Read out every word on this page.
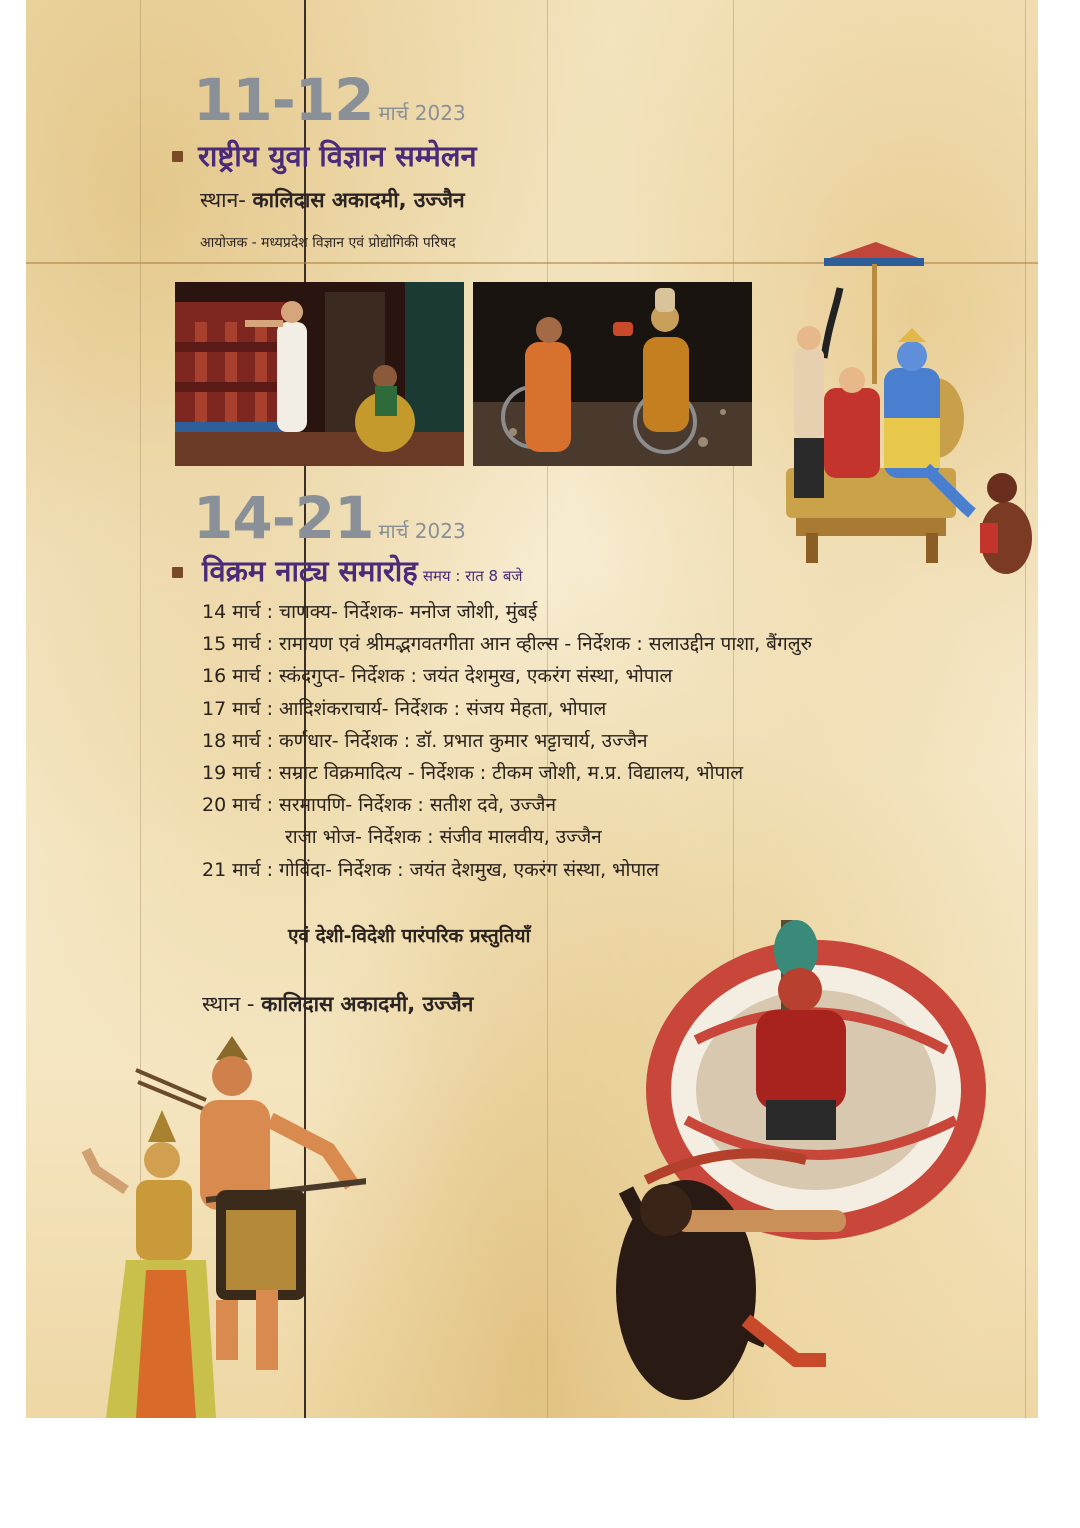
11-12 मार्च 2023
राष्ट्रीय युवा विज्ञान सम्मेलन
स्थान- कालिदास अकादमी, उज्जैन
आयोजक - मध्यप्रदेश विज्ञान एवं प्रोद्योगिकी परिषद
14-21 मार्च 2023
विक्रम नाट्य समारोह समय : रात 8 बजे
14 मार्च : चाणक्य- निर्देशक- मनोज जोशी, मुंबई
15 मार्च : रामायण एवं श्रीमद्भगवतगीता आन व्हील्स - निर्देशक : सलाउद्दीन पाशा, बैंगलुरु
16 मार्च : स्कंदगुप्त- निर्देशक : जयंत देशमुख, एकरंग संस्था, भोपाल
17 मार्च : आदिशंकराचार्य- निर्देशक : संजय मेहता, भोपाल
18 मार्च : कर्णधार- निर्देशक : डॉ. प्रभात कुमार भट्टाचार्य, उज्जैन
19 मार्च : सम्राट विक्रमादित्य - निर्देशक : टीकम जोशी, म.प्र. विद्यालय, भोपाल
20 मार्च : सरमापणि- निर्देशक : सतीश दवे, उज्जैन
राजा भोज- निर्देशक : संजीव मालवीय, उज्जैन
21 मार्च : गोविंदा- निर्देशक : जयंत देशमुख, एकरंग संस्था, भोपाल
एवं देशी-विदेशी पारंपरिक प्रस्तुतियाँ
स्थान - कालिदास अकादमी, उज्जैन
